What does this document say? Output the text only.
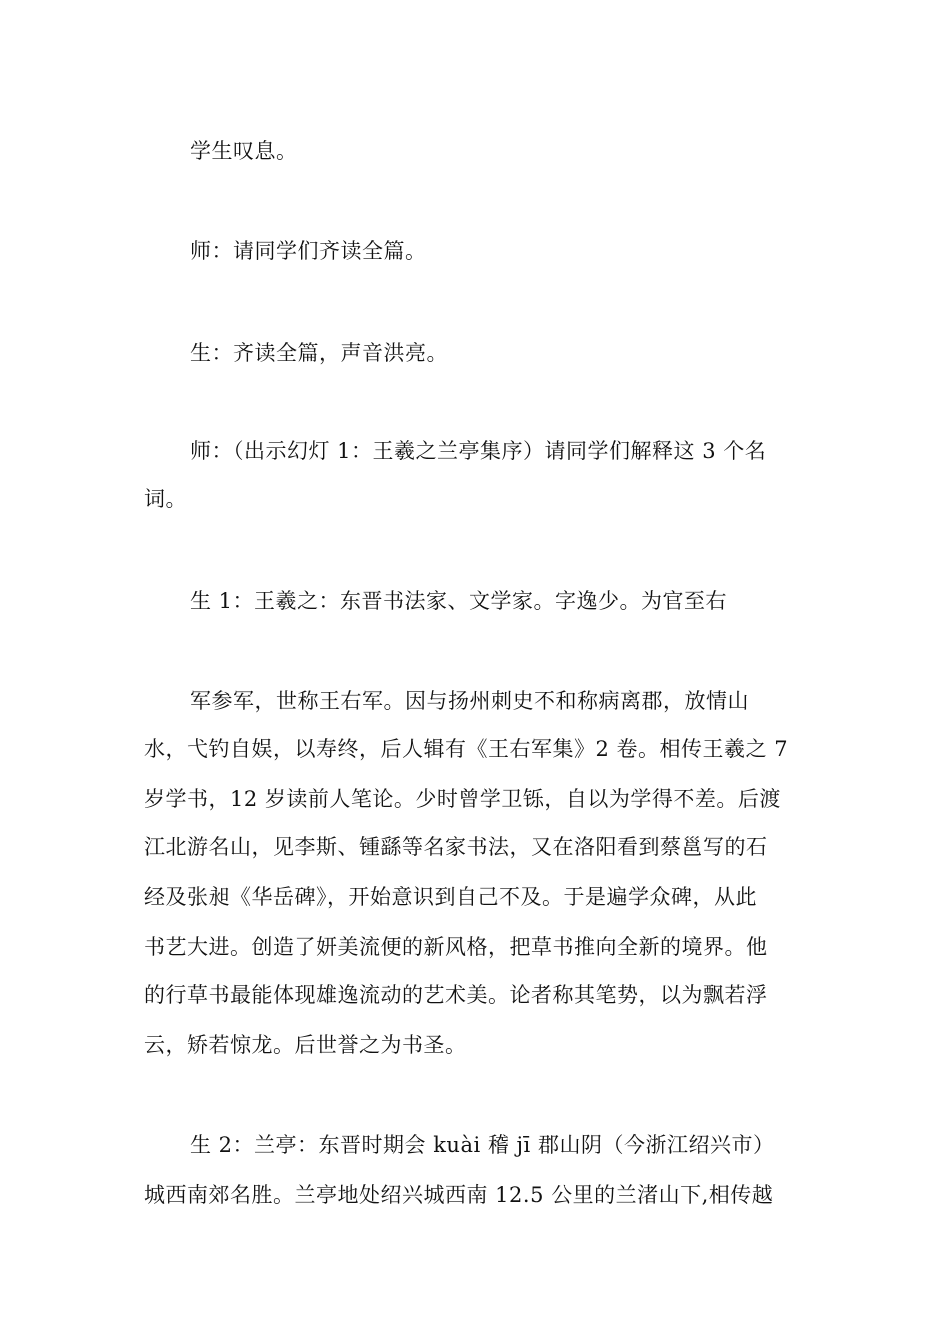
学生叹息。
师：请同学们齐读全篇。
生：齐读全篇，声音洪亮。
师：（出示幻灯 1：王羲之兰亭集序）请同学们解释这 3 个名
词。
生 1：王羲之：东晋书法家、文学家。字逸少。为官至右
军参军，世称王右军。因与扬州刺史不和称病离郡，放情山
水，弋钓自娱，以寿终，后人辑有《王右军集》2 卷。相传王羲之 7
岁学书，12 岁读前人笔论。少时曾学卫铄，自以为学得不差。后渡
江北游名山，见李斯、锺繇等名家书法，又在洛阳看到蔡邕写的石
经及张昶《华岳碑》，开始意识到自己不及。于是遍学众碑，从此
书艺大进。创造了妍美流便的新风格，把草书推向全新的境界。他
的行草书最能体现雄逸流动的艺术美。论者称其笔势，以为飘若浮
云，矫若惊龙。后世誉之为书圣。
生 2：兰亭：东晋时期会 kuài 稽 jī 郡山阴（今浙江绍兴市）
城西南郊名胜。兰亭地处绍兴城西南 12.5 公里的兰渚山下,相传越
